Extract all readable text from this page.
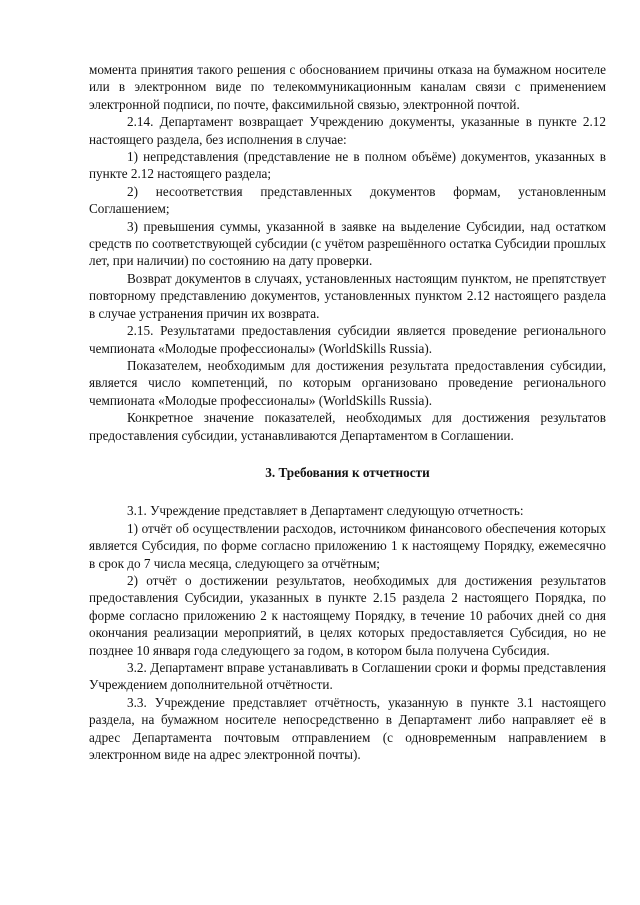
момента принятия такого решения с обоснованием причины отказа на бумажном носителе или в электронном виде по телекоммуникационным каналам связи с применением электронной подписи, по почте, факсимильной связью, электронной почтой.

2.14. Департамент возвращает Учреждению документы, указанные в пункте 2.12 настоящего раздела, без исполнения в случае:

1) непредставления (представление не в полном объёме) документов, указанных в пункте 2.12 настоящего раздела;

2) несоответствия представленных документов формам, установленным Соглашением;

3) превышения суммы, указанной в заявке на выделение Субсидии, над остатком средств по соответствующей субсидии (с учётом разрешённого остатка Субсидии прошлых лет, при наличии) по состоянию на дату проверки.

Возврат документов в случаях, установленных настоящим пунктом, не препятствует повторному представлению документов, установленных пунктом 2.12 настоящего раздела в случае устранения причин их возврата.

2.15. Результатами предоставления субсидии является проведение регионального чемпионата «Молодые профессионалы» (WorldSkills Russia).

Показателем, необходимым для достижения результата предоставления субсидии, является число компетенций, по которым организовано проведение регионального чемпионата «Молодые профессионалы» (WorldSkills Russia).

Конкретное значение показателей, необходимых для достижения результатов предоставления субсидии, устанавливаются Департаментом в Соглашении.

3. Требования к отчетности

3.1. Учреждение представляет в Департамент следующую отчетность:

1) отчёт об осуществлении расходов, источником финансового обеспечения которых является Субсидия, по форме согласно приложению 1 к настоящему Порядку, ежемесячно в срок до 7 числа месяца, следующего за отчётным;

2) отчёт о достижении результатов, необходимых для достижения результатов предоставления Субсидии, указанных в пункте 2.15 раздела 2 настоящего Порядка, по форме согласно приложению 2 к настоящему Порядку, в течение 10 рабочих дней со дня окончания реализации мероприятий, в целях которых предоставляется Субсидия, но не позднее 10 января года следующего за годом, в котором была получена Субсидия.

3.2. Департамент вправе устанавливать в Соглашении сроки и формы представления Учреждением дополнительной отчётности.

3.3. Учреждение представляет отчётность, указанную в пункте 3.1 настоящего раздела, на бумажном носителе непосредственно в Департамент либо направляет её в адрес Департамента почтовым отправлением (с одновременным направлением в электронном виде на адрес электронной почты).
